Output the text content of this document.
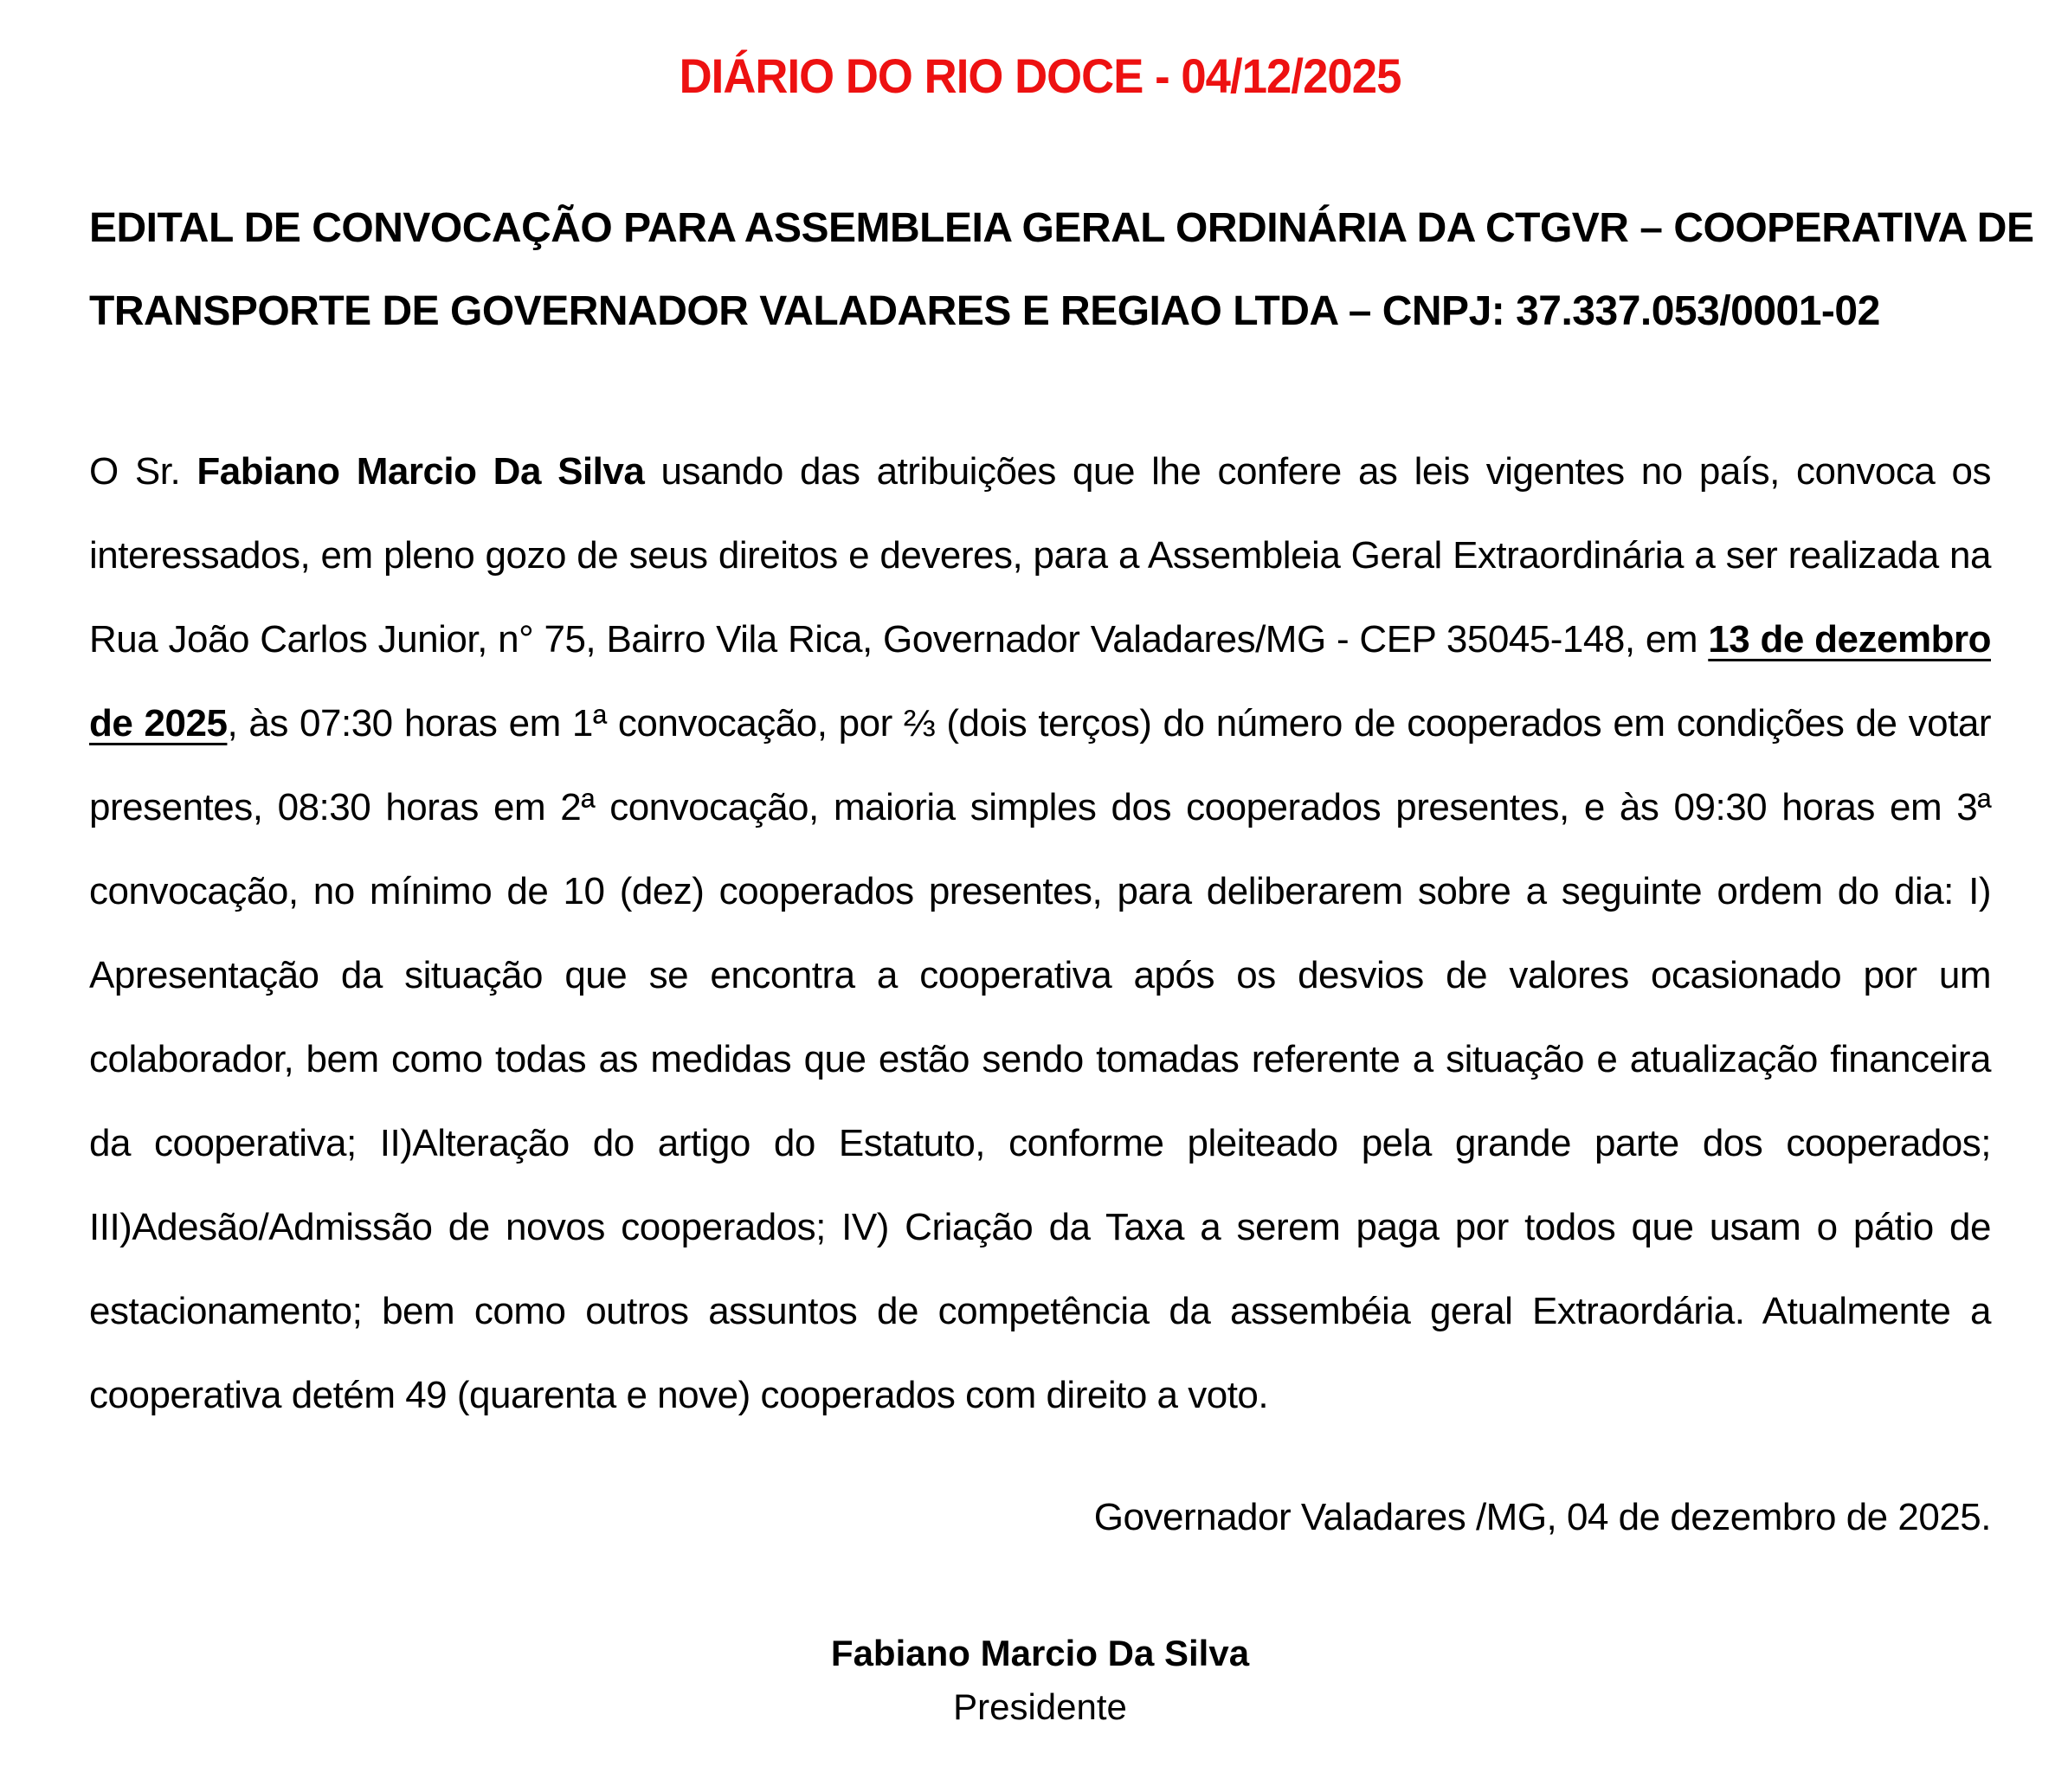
DIÁRIO DO RIO DOCE - 04/12/2025
EDITAL DE CONVOCAÇÃO PARA ASSEMBLEIA GERAL ORDINÁRIA DA CTGVR – COOPERATIVA DE
TRANSPORTE DE GOVERNADOR VALADARES E REGIAO LTDA – CNPJ: 37.337.053/0001-02

O Sr. Fabiano Marcio Da Silva usando das atribuições que lhe confere as leis vigentes no país, convoca os interessados, em pleno gozo de seus direitos e deveres, para a Assembleia Geral Extraordinária a ser realizada na Rua João Carlos Junior, n° 75, Bairro Vila Rica, Governador Valadares/MG - CEP 35045-148, em 13 de dezembro de 2025, às 07:30 horas em 1ª convocação, por ⅔ (dois terços) do número de cooperados em condições de votar presentes, 08:30 horas em 2ª convocação, maioria simples dos cooperados presentes, e às 09:30 horas em 3ª convocação, no mínimo de 10 (dez) cooperados presentes, para deliberarem sobre a seguinte ordem do dia: I) Apresentação da situação que se encontra a cooperativa após os desvios de valores ocasionado por um colaborador, bem como todas as medidas que estão sendo tomadas referente a situação e atualização financeira da cooperativa; II)Alteração do artigo do Estatuto, conforme pleiteado pela grande parte dos cooperados; III)Adesão/Admissão de novos cooperados; IV) Criação da Taxa a serem paga por todos que usam o pátio de estacionamento; bem como outros assuntos de competência da assembéia geral Extraordária. Atualmente a cooperativa detém 49 (quarenta e nove) cooperados com direito a voto.

Governador Valadares /MG, 04 de dezembro de 2025.

Fabiano Marcio Da Silva
Presidente
